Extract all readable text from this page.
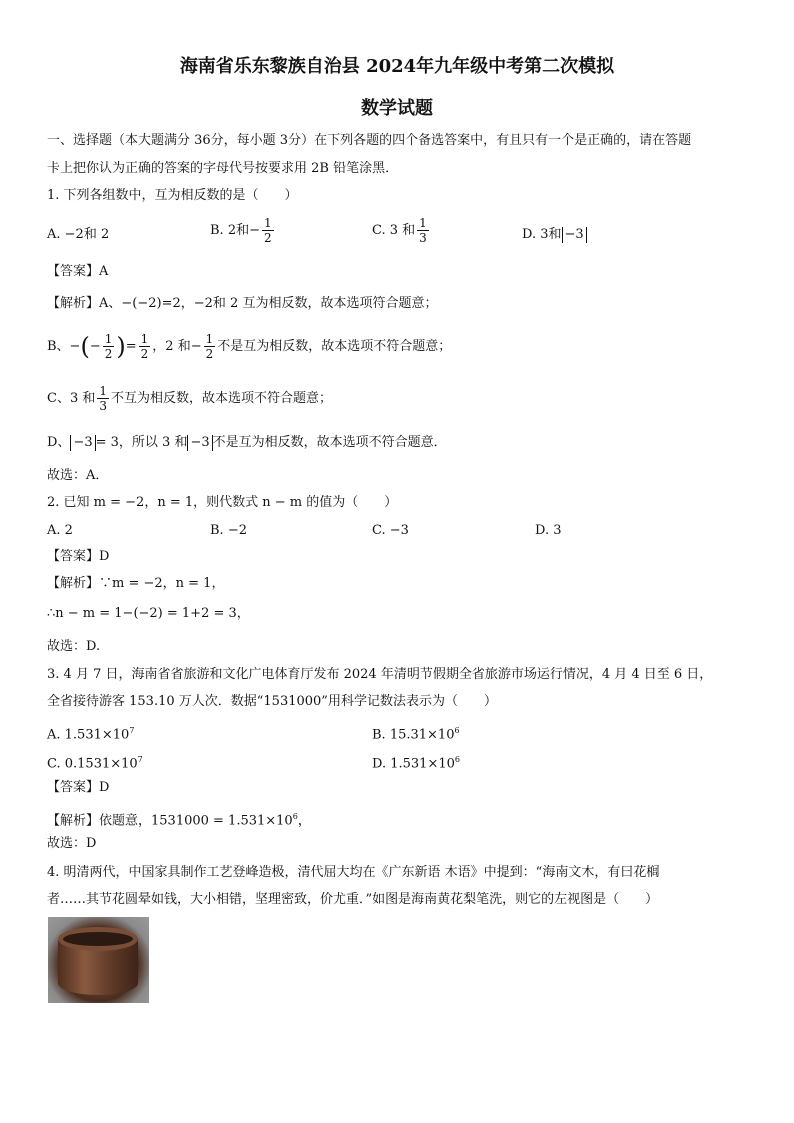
海南省乐东黎族自治县 2024年九年级中考第二次模拟
数学试题
一、选择题（本大题满分 36分，每小题 3分）在下列各题的四个备选答案中，有且只有一个是正确的，请在答题
卡上把你认为正确的答案的字母代号按要求用 2B 铅笔涂黑．
1. 下列各组数中，互为相反数的是（　　）
A. −2和 2	B. 2和− $\frac{1}{2}$	C. 3 和 $\frac{1}{3}$	D. 3和 −3
【答案】A
【解析】A、−(−2)=2，−2和 2 互为相反数，故本选项符合题意；
B、−(− $\frac{1}{2}$ )= $\frac{1}{2}$ ，2 和− $\frac{1}{2}$ 不是互为相反数，故本选项不符合题意；
C、3 和 $\frac{1}{3}$ 不互为相反数，故本选项不符合题意；
D、 −3 = 3，所以 3 和 −3 不是互为相反数，故本选项不符合题意．
故选：A．
2. 已知 m = −2，n = 1，则代数式 n − m 的值为（　　）
A. 2	B. −2	C. −3	D. 3
【答案】D
【解析】∵m = −2，n = 1，
∴n − m = 1−(−2) = 1+2 = 3，
故选：D.
3. 4 月 7 日，海南省省旅游和文化广电体育厅发布 2024 年清明节假期全省旅游市场运行情况，4 月 4 日至 6 日，
全省接待游客 153.10 万人次．数据“1531000”用科学记数法表示为（　　）
A. $1.531\times 10^7$	B. $15.31\times 10^6$
C. $0.1531\times 10^7$	D. $1.531\times 10^6$
【答案】D
【解析】依题意，$1531000 = 1.531\times 10^6$，
故选：D
4. 明清两代，中国家具制作工艺登峰造极，清代屈大均在《广东新语 木语》中提到：“海南文木，有曰花榈
者……其节花圆晕如钱，大小相错，坚理密致，价尤重．”如图是海南黄花梨笔洗，则它的左视图是（　　）
